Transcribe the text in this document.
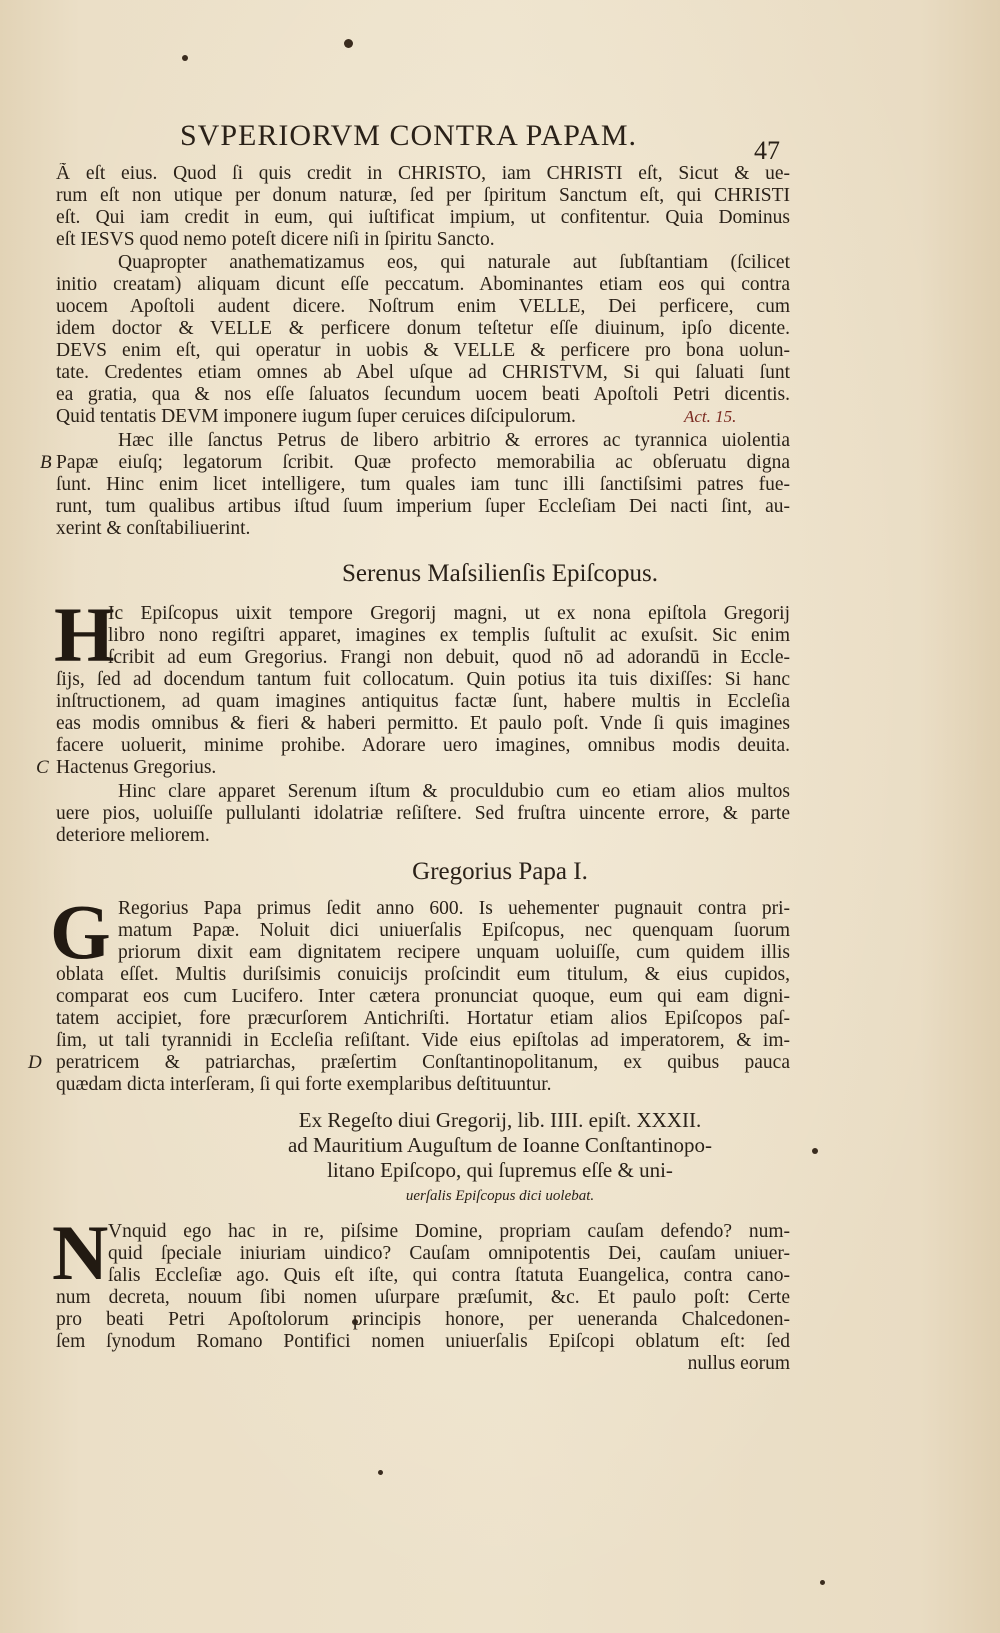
SVPERIORVM CONTRA PAPAM.	47
Ã eſt eius. Quod ſi quis credit in CHRISTO, iam CHRISTI eſt, Sicut & ue-
rum eſt non utique per donum naturæ, ſed per ſpiritum Sanctum eſt, qui CHRISTI
eſt. Qui iam credit in eum, qui iuſtificat impium, ut confitentur. Quia Dominus
eſt IESVS quod nemo poteſt dicere niſi in ſpiritu Sancto.
Quapropter anathematizamus eos, qui naturale aut ſubſtantiam (ſcilicet
initio creatam) aliquam dicunt eſſe peccatum. Abominantes etiam eos qui contra
uocem Apoſtoli audent dicere. Noſtrum enim VELLE, Dei perficere, cum
idem doctor & VELLE & perficere donum teſtetur eſſe diuinum, ipſo dicente.
DEVS enim eſt, qui operatur in uobis & VELLE & perficere pro bona uolun-
tate. Credentes etiam omnes ab Abel uſque ad CHRISTVM, Si qui ſaluati ſunt
ea gratia, qua & nos eſſe ſaluatos ſecundum uocem beati Apoſtoli Petri dicentis.
Quid tentatis DEVM imponere iugum ſuper ceruices diſcipulorum.	Act. 15.
Hæc ille ſanctus Petrus de libero arbitrio & errores ac tyrannica uiolentia
B Papæ eiuſq; legatorum ſcribit. Quæ profecto memorabilia ac obſeruatu digna
ſunt. Hinc enim licet intelligere, tum quales iam tunc illi ſanctiſsimi patres fue-
runt, tum qualibus artibus iſtud ſuum imperium ſuper Eccleſiam Dei nacti ſint, au-
xerint & conſtabiliuerint.
Serenus Maſsilienſis Epiſcopus.
H
Ic Epiſcopus uixit tempore Gregorij magni, ut ex nona epiſtola Gregorij
libro nono regiſtri apparet, imagines ex templis ſuſtulit ac exuſsit. Sic enim
ſcribit ad eum Gregorius. Frangi non debuit, quod nō ad adorandū in Eccle-
ſijs, ſed ad docendum tantum fuit collocatum. Quin potius ita tuis dixiſſes: Si hanc
inſtructionem, ad quam imagines antiquitus factæ ſunt, habere multis in Eccleſia
eas modis omnibus & fieri & haberi permitto. Et paulo poſt. Vnde ſi quis imagines
facere uoluerit, minime prohibe. Adorare uero imagines, omnibus modis deuita.
C Hactenus Gregorius.
Hinc clare apparet Serenum iſtum & proculdubio cum eo etiam alios multos
uere pios, uoluiſſe pullulanti idolatriæ reſiſtere. Sed fruſtra uincente errore, & parte
deteriore meliorem.
Gregorius Papa I.
G Regorius Papa primus ſedit anno 600. Is uehementer pugnauit contra pri-
matum Papæ. Noluit dici uniuerſalis Epiſcopus, nec quenquam ſuorum
priorum dixit eam dignitatem recipere unquam uoluiſſe, cum quidem illis
oblata eſſet. Multis duriſsimis conuicijs proſcindit eum titulum, & eius cupidos,
comparat eos cum Lucifero. Inter cætera pronunciat quoque, eum qui eam digni-
tatem accipiet, fore præcurſorem Antichriſti. Hortatur etiam alios Epiſcopos paſ-
ſim, ut tali tyrannidi in Eccleſia reſiſtant. Vide eius epiſtolas ad imperatorem, & im-
D peratricem & patriarchas, præſertim Conſtantinopolitanum, ex quibus pauca
quædam dicta interſeram, ſi qui forte exemplaribus deſtituuntur.
Ex Regeſto diui Gregorij, lib. IIII. epiſt. XXXII.
ad Mauritium Auguſtum de Ioanne Conſtantinopo-
litano Epiſcopo, qui ſupremus eſſe & uni-
uerſalis Epiſcopus dici uolebat.
N Vnquid ego hac in re, piſsime Domine, propriam cauſam defendo? num-
quid ſpeciale iniuriam uindico? Cauſam omnipotentis Dei, cauſam uniuer-
ſalis Eccleſiæ ago. Quis eſt iſte, qui contra ſtatuta Euangelica, contra cano-
num decreta, nouum ſibi nomen uſurpare præſumit, &c. Et paulo poſt: Certe
pro beati Petri Apoſtolorum principis honore, per ueneranda Chalcedonen-
ſem ſynodum Romano Pontifici nomen uniuerſalis Epiſcopi oblatum eſt: ſed
nullus eorum
